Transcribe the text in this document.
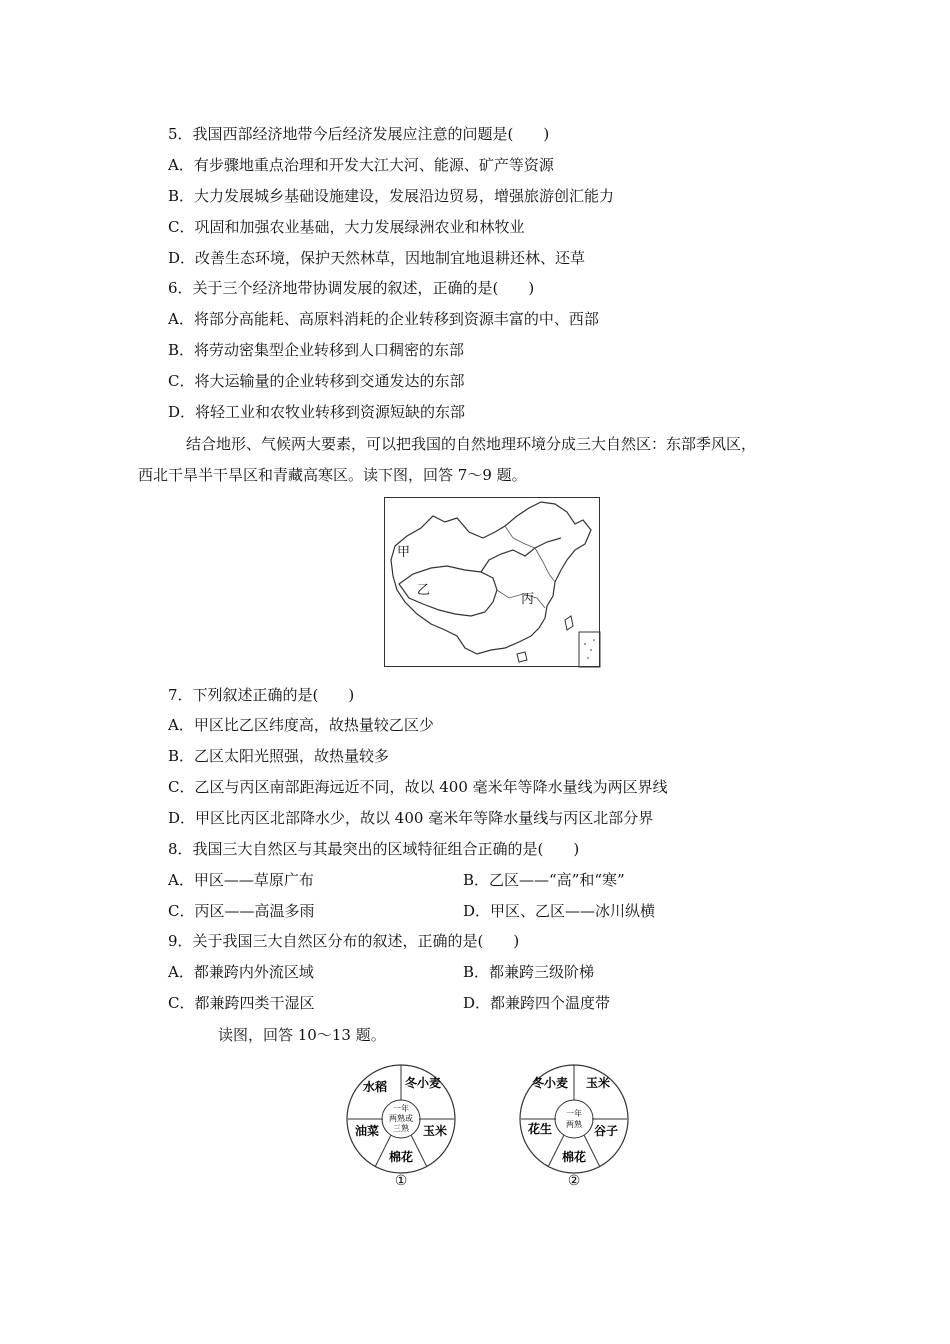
5．我国西部经济地带今后经济发展应注意的问题是(　　)
A．有步骤地重点治理和开发大江大河、能源、矿产等资源
B．大力发展城乡基础设施建设，发展沿边贸易，增强旅游创汇能力
C．巩固和加强农业基础，大力发展绿洲农业和林牧业
D．改善生态环境，保护天然林草，因地制宜地退耕还林、还草
6．关于三个经济地带协调发展的叙述，正确的是(　　)
A．将部分高能耗、高原料消耗的企业转移到资源丰富的中、西部
B．将劳动密集型企业转移到人口稠密的东部
C．将大运输量的企业转移到交通发达的东部
D．将轻工业和农牧业转移到资源短缺的东部
结合地形、气候两大要素，可以把我国的自然地理环境分成三大自然区：东部季风区，
西北干旱半干旱区和青藏高寒区。读下图，回答 7～9 题。
甲
乙
丙
7．下列叙述正确的是(　　)
A．甲区比乙区纬度高，故热量较乙区少
B．乙区太阳光照强，故热量较多
C．乙区与丙区南部距海远近不同，故以 400 毫米年等降水量线为两区界线
D．甲区比丙区北部降水少，故以 400 毫米年等降水量线与丙区北部分界
8．我国三大自然区与其最突出的区域特征组合正确的是(　　)
A．甲区——草原广布	B．乙区——“高”和“寒”
C．丙区——高温多雨	D．甲区、乙区——冰川纵横
9．关于我国三大自然区分布的叙述，正确的是(　　)
A．都兼跨内外流区域	B．都兼跨三级阶梯
C．都兼跨四类干湿区	D．都兼跨四个温度带
读图，回答 10～13 题。
水稻 冬小麦
玉米
棉花
油菜
一年
两熟或
三熟
①
冬小麦 玉米
谷子
棉花
花生
一年
两熟
②
